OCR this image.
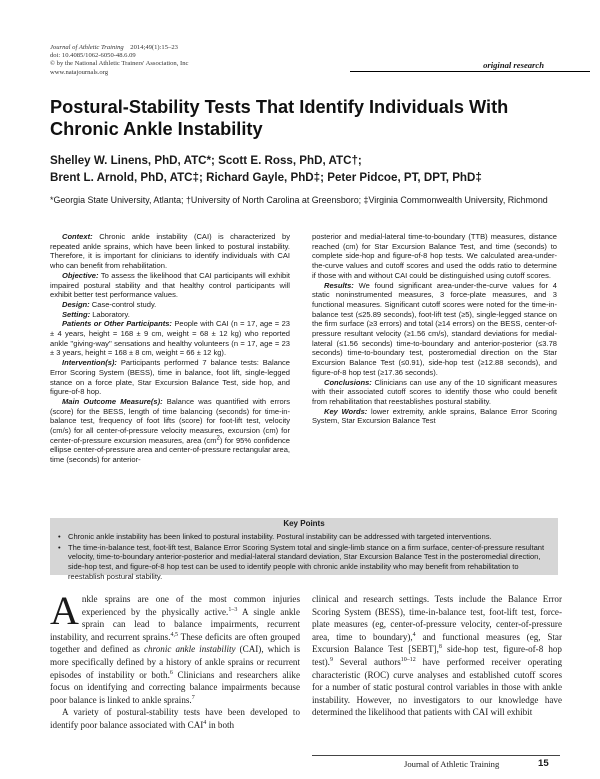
Journal of Athletic Training 2014;49(1):15–23
doi: 10.4085/1062-6050-48.6.09
© by the National Athletic Trainers' Association, Inc
www.natajournals.org
original research
Postural-Stability Tests That Identify Individuals With Chronic Ankle Instability
Shelley W. Linens, PhD, ATC*; Scott E. Ross, PhD, ATC†;
Brent L. Arnold, PhD, ATC‡; Richard Gayle, PhD‡; Peter Pidcoe, PT, DPT, PhD‡
*Georgia State University, Atlanta; †University of North Carolina at Greensboro; ‡Virginia Commonwealth University, Richmond

Context: Chronic ankle instability (CAI) is characterized by repeated ankle sprains, which have been linked to postural instability. Therefore, it is important for clinicians to identify individuals with CAI who can benefit from rehabilitation.

Objective: To assess the likelihood that CAI participants will exhibit impaired postural stability and that healthy control participants will exhibit better test performance values.

Design: Case-control study.

Setting: Laboratory.

Patients or Other Participants: People with CAI (n = 17, age = 23 ± 4 years, height = 168 ± 9 cm, weight = 68 ± 12 kg) who reported ankle ''giving-way'' sensations and healthy volunteers (n = 17, age = 23 ± 3 years, height = 168 ± 8 cm, weight = 66 ± 12 kg).

Intervention(s): Participants performed 7 balance tests: Balance Error Scoring System (BESS), time in balance, foot lift, single-legged stance on a force plate, Star Excursion Balance Test, side hop, and figure-of-8 hop.

Main Outcome Measure(s): Balance was quantified with errors (score) for the BESS, length of time balancing (seconds) for time-in-balance test, frequency of foot lifts (score) for foot-lift test, velocity (cm/s) for all center-of-pressure velocity measures, excursion (cm) for center-of-pressure excursion measures, area $(cm^2)$ for 95% confidence ellipse center-of-pressure area and center-of-pressure rectangular area, time (seconds) for anterior-

posterior and medial-lateral time-to-boundary (TTB) measures, distance reached (cm) for Star Excursion Balance Test, and time (seconds) to complete side-hop and figure-of-8 hop tests. We calculated area-under-the-curve values and cutoff scores and used the odds ratio to determine if those with and without CAI could be distinguished using cutoff scores.

Results: We found significant area-under-the-curve values for 4 static noninstrumented measures, 3 force-plate measures, and 3 functional measures. Significant cutoff scores were noted for the time-in-balance test (≤25.89 seconds), foot-lift test (≥5), single-legged stance on the firm surface (≥3 errors) and total (≥14 errors) on the BESS, center-of-pressure resultant velocity (≥1.56 cm/s), standard deviations for medial-lateral (≤1.56 seconds) time-to-boundary and anterior-posterior (≤3.78 seconds) time-to-boundary test, posteromedial direction on the Star Excursion Balance Test (≤0.91), side-hop test (≥12.88 seconds), and figure-of-8 hop test (≥17.36 seconds).

Conclusions: Clinicians can use any of the 10 significant measures with their associated cutoff scores to identify those who could benefit from rehabilitation that reestablishes postural stability.

Key Words: lower extremity, ankle sprains, Balance Error Scoring System, Star Excursion Balance Test

Key Points
• Chronic ankle instability has been linked to postural instability. Postural instability can be addressed with targeted interventions.
• The time-in-balance test, foot-lift test, Balance Error Scoring System total and single-limb stance on a firm surface, center-of-pressure resultant velocity, time-to-boundary anterior-posterior and medial-lateral standard deviation, Star Excursion Balance Test in the posteromedial direction, side-hop test, and figure-of-8 hop test can be used to identify people with chronic ankle instability who may benefit from rehabilitation to reestablish postural stability.

Ankle sprains are one of the most common injuries experienced by the physically active.$^{1-3}$ A single ankle sprain can lead to balance impairments, recurrent instability, and recurrent sprains.$^{4,5}$ These deficits are often grouped together and defined as chronic ankle instability (CAI), which is more specifically defined by a history of ankle sprains or recurrent episodes of instability or both.$^6$ Clinicians and researchers alike focus on identifying and correcting balance impairments because poor balance is linked to ankle sprains.$^7$

A variety of postural-stability tests have been developed to identify poor balance associated with CAI$^4$ in both

clinical and research settings. Tests include the Balance Error Scoring System (BESS), time-in-balance test, foot-lift test, force-plate measures (eg, center-of-pressure velocity, center-of-pressure area, time to boundary),$^4$ and functional measures (eg, Star Excursion Balance Test [SEBT],$^8$ side-hop test, figure-of-8 hop test).$^9$ Several authors$^{10-12}$ have performed receiver operating characteristic (ROC) curve analyses and established cutoff scores for a number of static postural control variables in those with ankle instability. However, no investigators to our knowledge have determined the likelihood that patients with CAI will exhibit

Journal of Athletic Training	15
